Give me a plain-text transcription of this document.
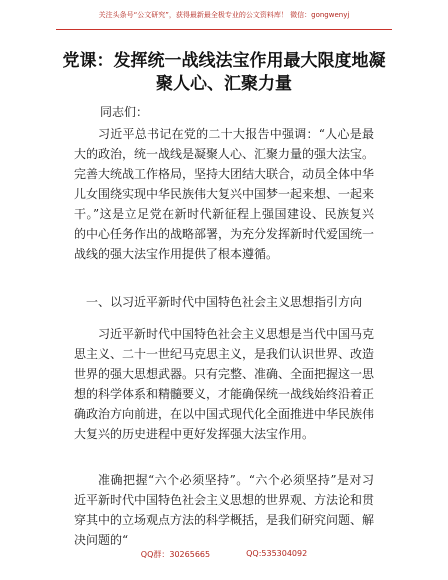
关注头条号“公文研究”，获得最新最全极专业的公文资料库！ 微信：gongwenyj
党课：发挥统一战线法宝作用最大限度地凝聚人心、汇聚力量
同志们：

习近平总书记在党的二十大报告中强调：“人心是最大的政治，统一战线是凝聚人心、汇聚力量的强大法宝。完善大统战工作格局，坚持大团结大联合，动员全体中华儿女围绕实现中华民族伟大复兴中国梦一起来想、一起来干。”这是立足党在新时代新征程上强国建设、民族复兴的中心任务作出的战略部署，为充分发挥新时代爱国统一战线的强大法宝作用提供了根本遵循。

一、以习近平新时代中国特色社会主义思想指引方向

习近平新时代中国特色社会主义思想是当代中国马克思主义、二十一世纪马克思主义，是我们认识世界、改造世界的强大思想武器。只有完整、准确、全面把握这一思想的科学体系和精髓要义，才能确保统一战线始终沿着正确政治方向前进，在以中国式现代化全面推进中华民族伟大复兴的历史进程中更好发挥强大法宝作用。

准确把握“六个必须坚持”。“六个必须坚持”是对习近平新时代中国特色社会主义思想的世界观、方法论和贯穿其中的立场观点方法的科学概括，是我们研究问题、解决问题的“

QQ群：30265665	QQ:535304092
